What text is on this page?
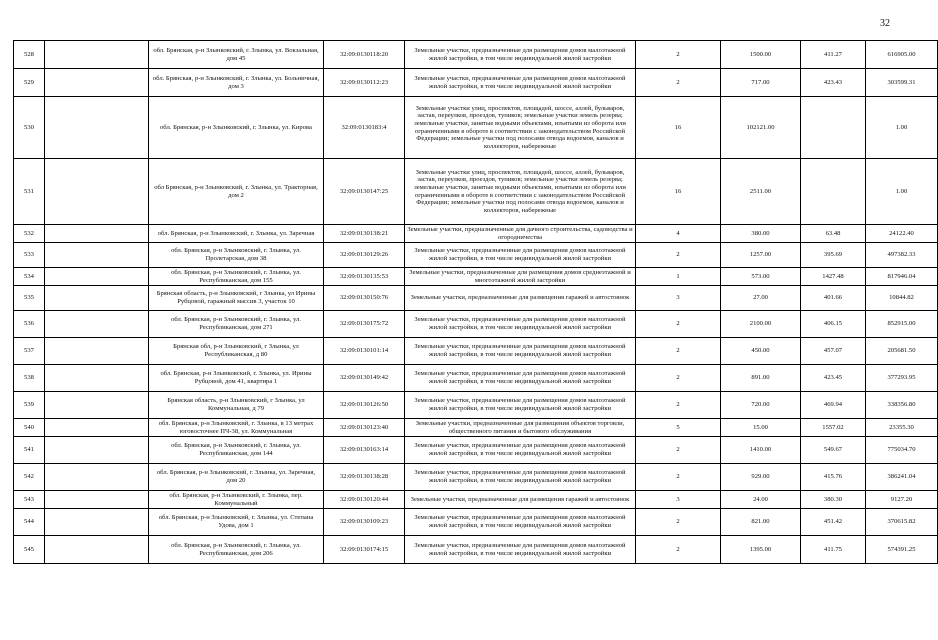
32
528		обл. Брянская, р-н Злынковский, г. Злынка, ул. Вокзальная, дом 45	32:09:0130118:20	Земельные участки, предназначенные для размещения домов малоэтажной жилой застройки, в том числе индивидуальной жилой застройки	2	1500.00	411.27	616905.00
529		обл. Брянская, р-н Злынковский, г. Злынка, ул. Больничная, дом 3	32:09:0130112:23	Земельные участки, предназначенные для размещения домов малоэтажной жилой застройки, в том числе индивидуальной жилой застройки	2	717.00	423.43	303599.31
530		обл. Брянская, р-н Злынковский, г. Злынка, ул. Кирова	32:09:0130183:4	Земельные участки улиц, проспектов, площадей, шоссе, аллей, бульваров, застав, переулков, проездов, тупиков; земельные участки земель резерва; земельные участки, занятые водными объектами, изъятыми из оборота или ограниченными в обороте в соответствии с законодательством Российской Федерации; земельные участки под полосами отвода водоемов, каналов и коллекторов, набережные	16	102121.00		1.00
531		обл Брянская, р-н Злынковский, г. Злынка, ул. Тракторная, дом 2	32:09:0130147:25	Земельные участки улиц, проспектов, площадей, шоссе, аллей, бульваров, застав, переулков, проездов, тупиков; земельные участки земель резерва; земельные участки, занятые водными объектами, изъятыми из оборота или ограниченными в обороте в соответствии с законодательством Российской Федерации; земельные участки под полосами отвода водоемов, каналов и коллекторов, набережные	16	2511.00		1.00
532		обл. Брянская, р-н Злынковский, г. Злынка, ул. Заречная	32:09:0130138:21	Земельные участки, предназначенные для дачного строительства, садоводства и огородничества	4	380.00	63.48	24122.40
533		обл. Брянская, р-н Злынковский, г. Злынка, ул. Пролетарская, дом 38	32:09:0130129:26	Земельные участки, предназначенные для размещения домов малоэтажной жилой застройки, в том числе индивидуальной жилой застройки	2	1257.00	395.69	497382.33
534		обл. Брянская, р-н Злынковский, г. Злынка, ул. Республиканская, дом 155	32:09:0130135:53	Земельные участки, предназначенные для размещения домов среднеэтажной и многоэтажной жилой застройки	1	573.00	1427.48	817946.04
535		Брянская область, р-н Злынковский, г Злынка, ул Ирины Рубцовой, гаражный массив 3, участок 10	32:09:0130150:76	Земельные участки, предназначенные для размещения гаражей и автостоянок	3	27.00	401.66	10844.82
536		обл. Брянская, р-н Злынковский, г. Злынка, ул. Республиканская, дом 271	32:09:0130175:72	Земельные участки, предназначенные для размещения домов малоэтажной жилой застройки, в том числе индивидуальной жилой застройки	2	2100.00	406.15	852915.00
537		Брянская обл, р-н Злынковский, г Злынка, ул Республиканская, д 80	32:09:0130101:14	Земельные участки, предназначенные для размещения домов малоэтажной жилой застройки, в том числе индивидуальной жилой застройки	2	450.00	457.07	205681.50
538		обл. Брянская, р-н Злынковский, г. Злынка, ул. Ирины Рубцовой, дом 41, квартира 1	32:09:0130149:42	Земельные участки, предназначенные для размещения домов малоэтажной жилой застройки, в том числе индивидуальной жилой застройки	2	891.00	423.45	377293.95
539		Брянская область, р-н Злынковский, г Злынка, ул Коммунальная, д 79	32:09:0130126:50	Земельные участки, предназначенные для размещения домов малоэтажной жилой застройки, в том числе индивидуальной жилой застройки	2	720.00	469.94	338356.80
540		обл. Брянская, р-н Злынковский, г. Злынка, в 13 метрах юговосточнее ПЧ-38, ул. Коммунальная	32:09:0130123:40	Земельные участки, предназначенные для размещения объектов торговли, общественного питания и бытового обслуживания	5	15.00	1557.02	23355.30
541		обл. Брянская, р-н Злынковский, г. Злынка, ул. Республиканская, дом 144	32:09:0130163:14	Земельные участки, предназначенные для размещения домов малоэтажной жилой застройки, в том числе индивидуальной жилой застройки	2	1410.00	549.67	775034.70
542		обл. Брянская, р-н Злынковский, г. Злынка, ул. Заречная, дом 20	32:09:0130138:28	Земельные участки, предназначенные для размещения домов малоэтажной жилой застройки, в том числе индивидуальной жилой застройки	2	929.00	415.76	386241.04
543		обл. Брянская, р-н Злынковский, г. Злынка, пер. Коммунальный	32:09:0130120:44	Земельные участки, предназначенные для размещения гаражей и автостоянок	3	24.00	380.30	9127.20
544		обл. Брянская, р-н Злынковский, г. Злынка, ул. Степана Удова, дом 1	32:09:0130109:23	Земельные участки, предназначенные для размещения домов малоэтажной жилой застройки, в том числе индивидуальной жилой застройки	2	821.00	451.42	370615.82
545		обл. Брянская, р-н Злынковский, г. Злынка, ул. Республиканская, дом 206	32:09:0130174:15	Земельные участки, предназначенные для размещения домов малоэтажной жилой застройки, в том числе индивидуальной жилой застройки	2	1395.00	411.75	574391.25
